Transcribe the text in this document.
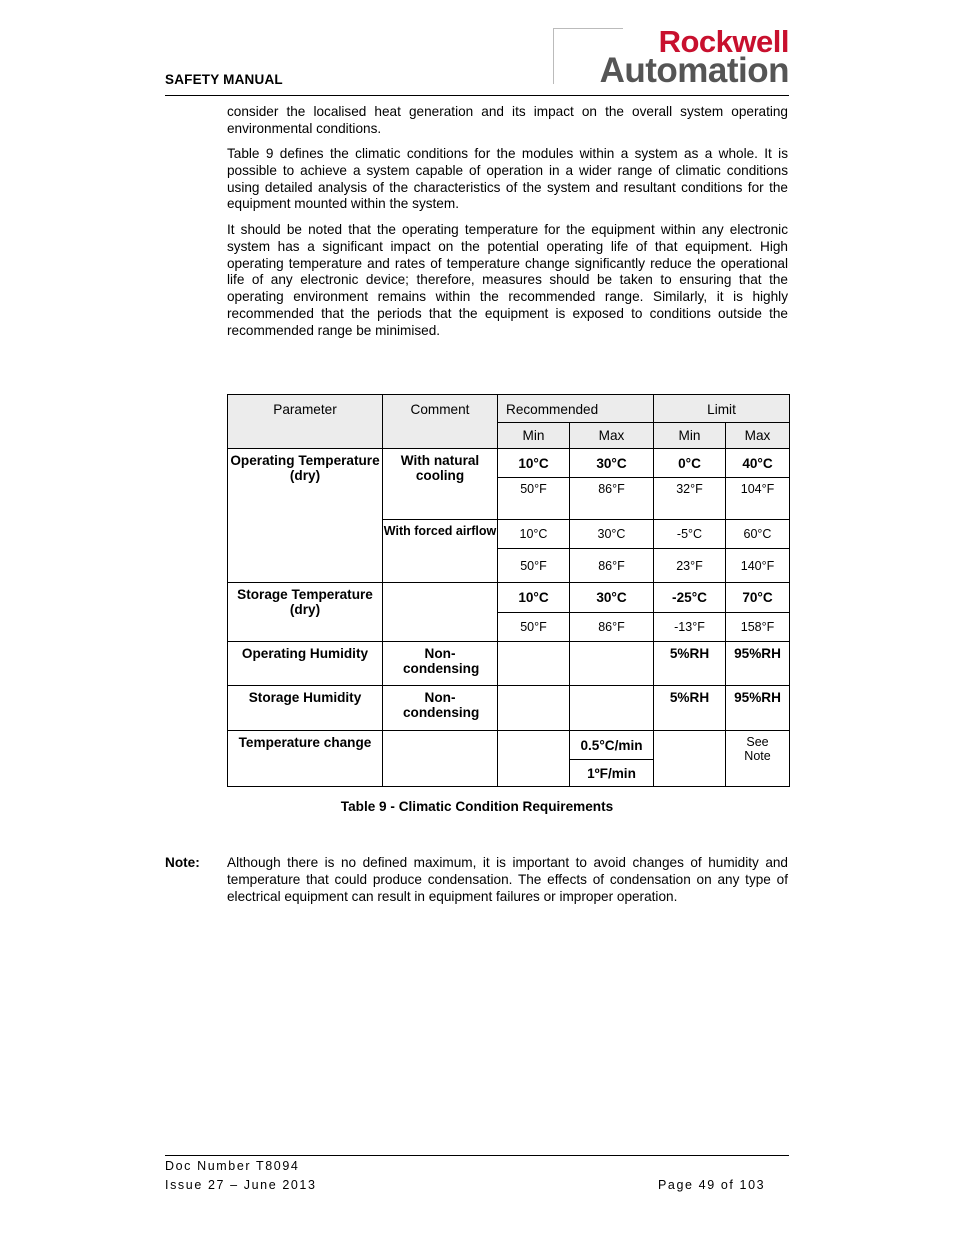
SAFETY MANUAL
Rockwell
Automation
consider the localised heat generation and its impact on the overall system operating environmental conditions.
Table 9 defines the climatic conditions for the modules within a system as a whole. It is possible to achieve a system capable of operation in a wider range of climatic conditions using detailed analysis of the characteristics of the system and resultant conditions for the equipment mounted within the system.
It should be noted that the operating temperature for the equipment within any electronic system has a significant impact on the potential operating life of that equipment. High operating temperature and rates of temperature change significantly reduce the operational life of any electronic device; therefore, measures should be taken to ensuring that the operating environment remains within the recommended range. Similarly, it is highly recommended that the periods that the equipment is exposed to conditions outside the recommended range be minimised.
Parameter	Comment	Recommended		Limit	
		Min	Max	Min	Max
Operating Temperature (dry)	With natural cooling	10°C	30°C	0°C	40°C
		50°F	86°F	32°F	104°F
	With forced airflow	10°C	30°C	-5°C	60°C
		50°F	86°F	23°F	140°F
Storage Temperature (dry)		10°C	30°C	-25°C	70°C
		50°F	86°F	-13°F	158°F
Operating Humidity	Non-condensing			5%RH	95%RH
Storage Humidity	Non-condensing			5%RH	95%RH
Temperature change			0.5°C/min		See Note
			1ºF/min		
Table 9 - Climatic Condition Requirements
Note: Although there is no defined maximum, it is important to avoid changes of humidity and temperature that could produce condensation. The effects of condensation on any type of electrical equipment can result in equipment failures or improper operation.
Doc Number T8094
Issue 27 – June 2013	Page 49 of 103
